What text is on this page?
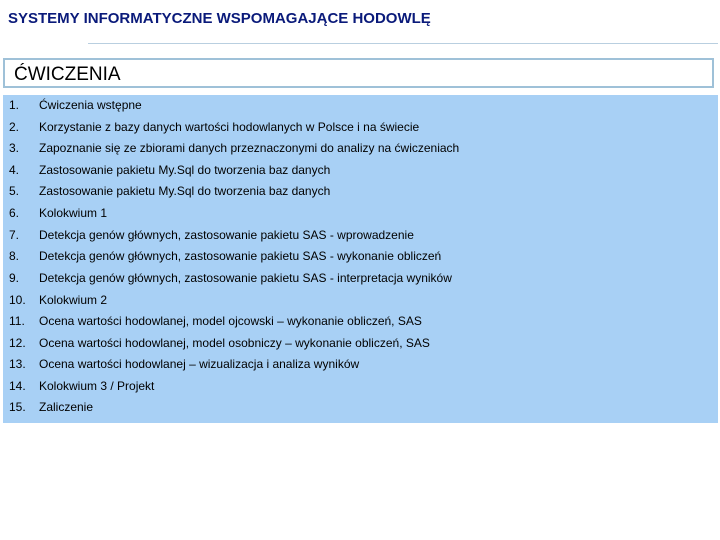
SYSTEMY INFORMATYCZNE WSPOMAGAJĄCE HODOWLĘ
ĆWICZENIA
1. Ćwiczenia wstępne
2. Korzystanie z bazy danych wartości hodowlanych w Polsce i na świecie
3. Zapoznanie się ze zbiorami danych przeznaczonymi do analizy na ćwiczeniach
4. Zastosowanie pakietu My.Sql do tworzenia baz danych
5. Zastosowanie pakietu My.Sql do tworzenia baz danych
6. Kolokwium 1
7. Detekcja genów głównych, zastosowanie pakietu SAS - wprowadzenie
8. Detekcja genów głównych, zastosowanie pakietu SAS - wykonanie obliczeń
9. Detekcja genów głównych, zastosowanie pakietu SAS - interpretacja wyników
10. Kolokwium 2
11. Ocena wartości hodowlanej, model ojcowski – wykonanie obliczeń, SAS
12. Ocena wartości hodowlanej, model osobniczy – wykonanie obliczeń, SAS
13. Ocena wartości hodowlanej – wizualizacja i analiza wyników
14. Kolokwium 3 / Projekt
15. Zaliczenie
